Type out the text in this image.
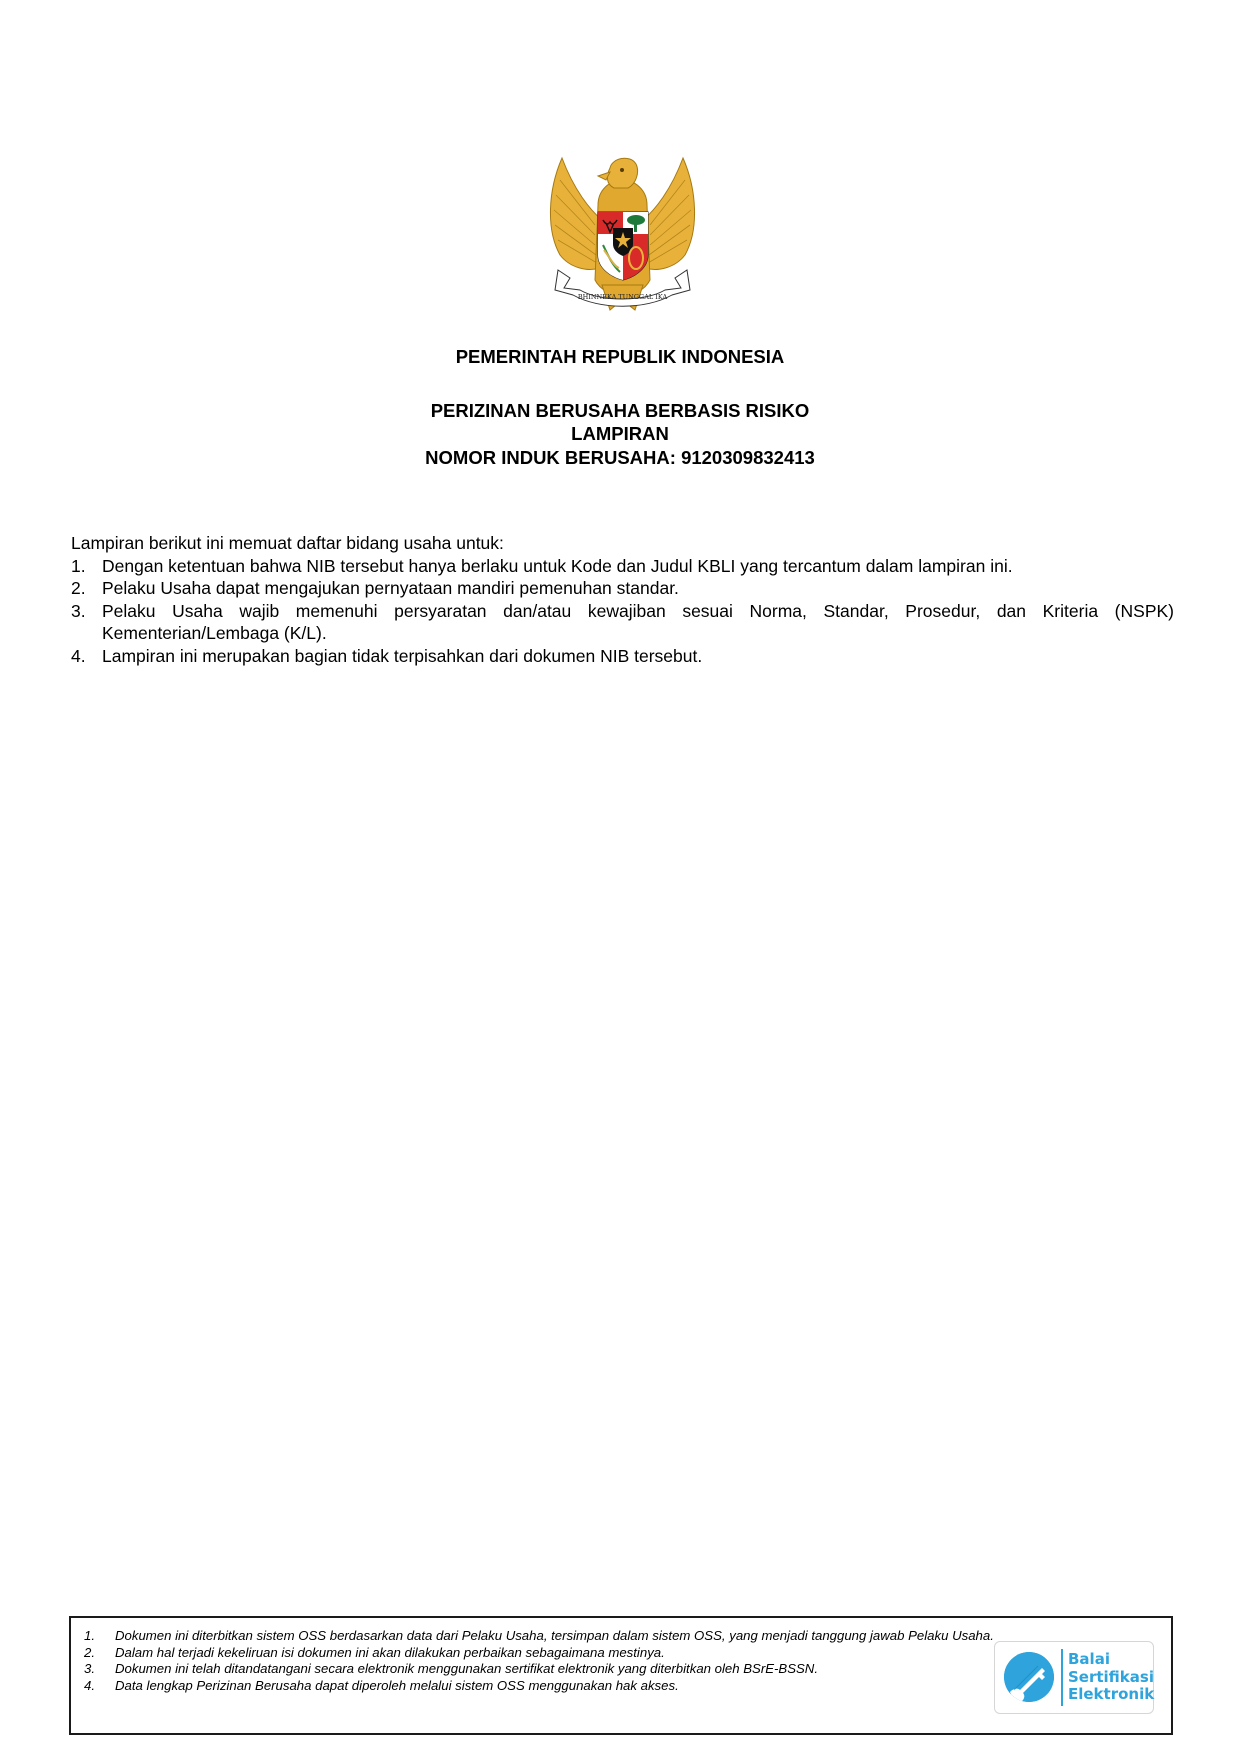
BHINNEKA TUNGGAL IKA
PEMERINTAH REPUBLIK INDONESIA
PERIZINAN BERUSAHA BERBASIS RISIKO
LAMPIRAN
NOMOR INDUK BERUSAHA: 9120309832413
Lampiran berikut ini memuat daftar bidang usaha untuk:
1. Dengan ketentuan bahwa NIB tersebut hanya berlaku untuk Kode dan Judul KBLI yang tercantum dalam lampiran ini.
2. Pelaku Usaha dapat mengajukan pernyataan mandiri pemenuhan standar.
3. Pelaku Usaha wajib memenuhi persyaratan dan/atau kewajiban sesuai Norma, Standar, Prosedur, dan Kriteria (NSPK) Kementerian/Lembaga (K/L).
4. Lampiran ini merupakan bagian tidak terpisahkan dari dokumen NIB tersebut.
1.	Dokumen ini diterbitkan sistem OSS berdasarkan data dari Pelaku Usaha, tersimpan dalam sistem OSS, yang menjadi tanggung jawab Pelaku Usaha.
2.	Dalam hal terjadi kekeliruan isi dokumen ini akan dilakukan perbaikan sebagaimana mestinya.
3.	Dokumen ini telah ditandatangani secara elektronik menggunakan sertifikat elektronik yang diterbitkan oleh BSrE-BSSN.
4.	Data lengkap Perizinan Berusaha dapat diperoleh melalui sistem OSS menggunakan hak akses.
Balai
Sertifikasi
Elektronik
